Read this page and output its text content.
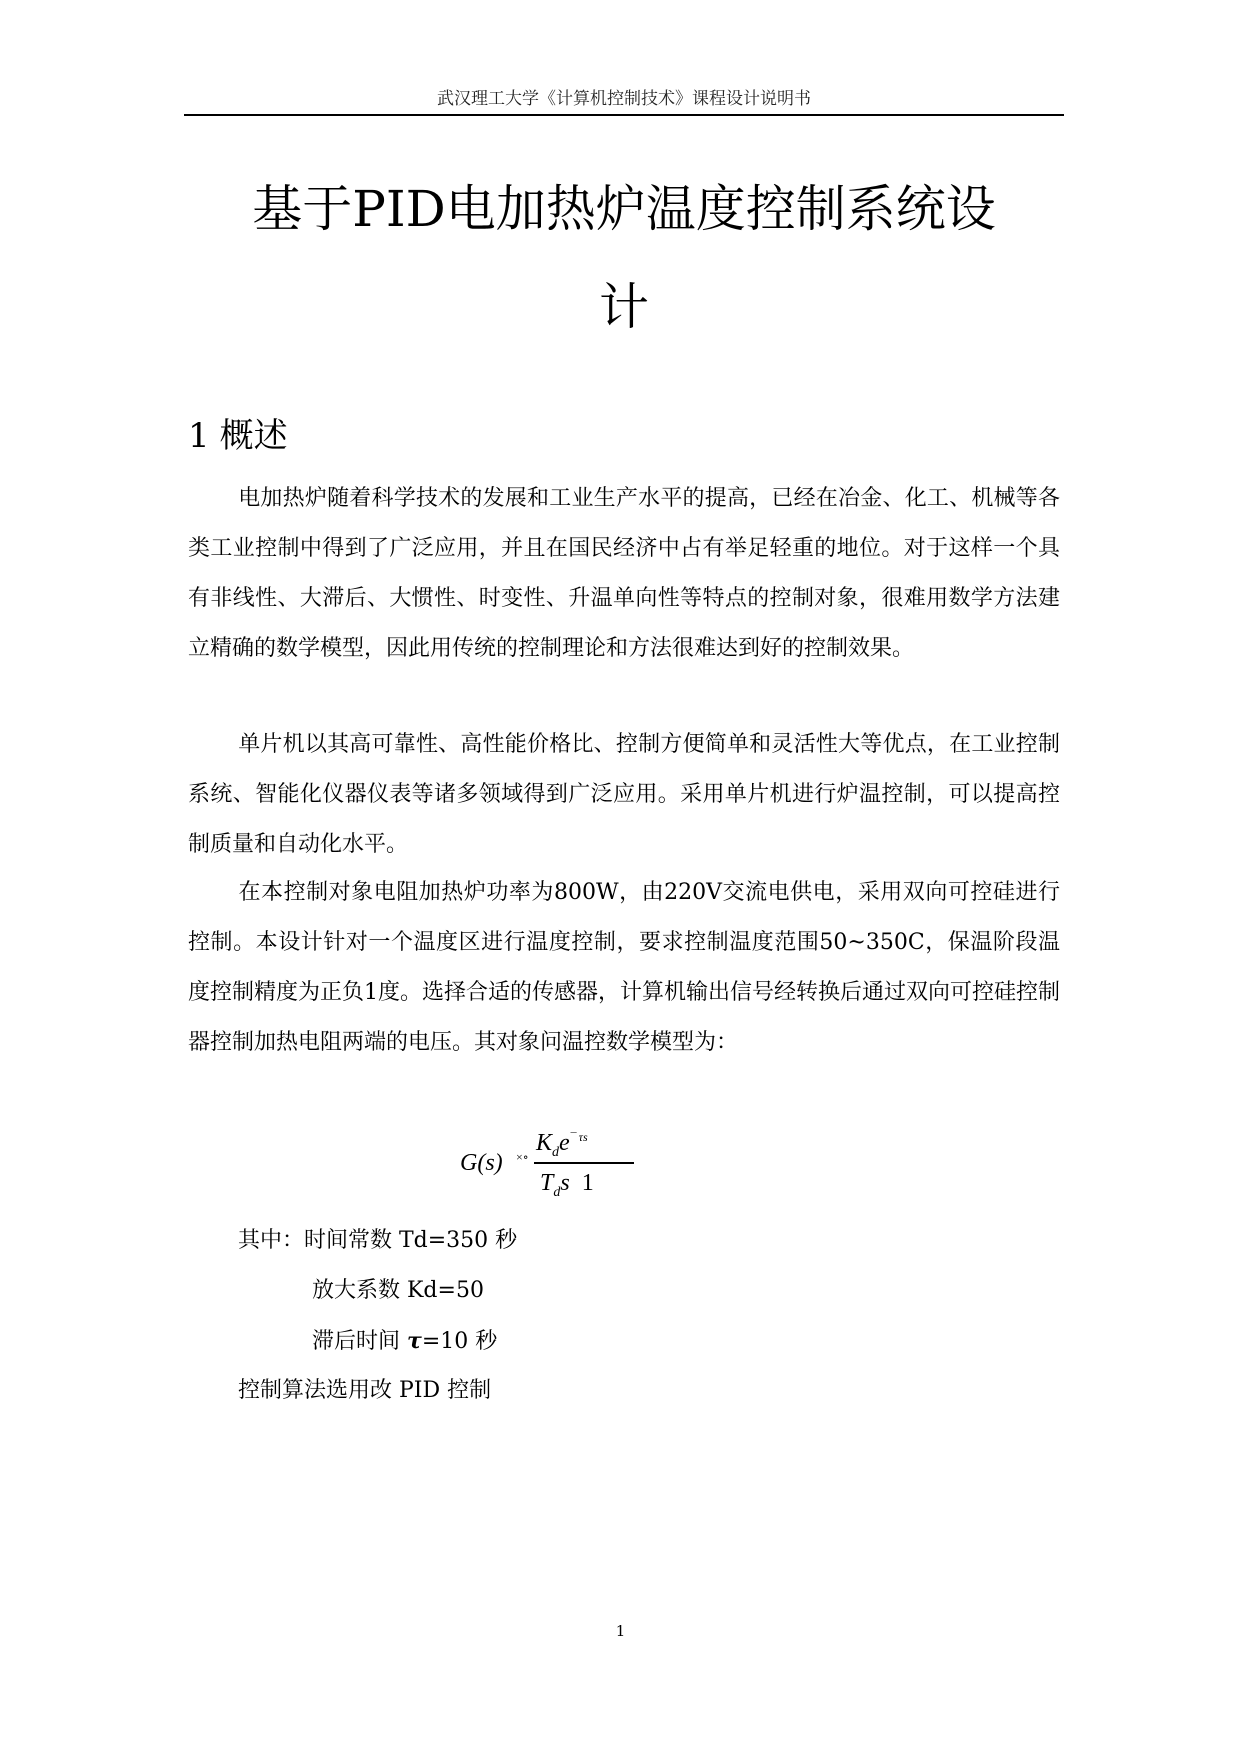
武汉理工大学《计算机控制技术》课程设计说明书
基于PID电加热炉温度控制系统设
计
1 概述

电加热炉随着科学技术的发展和工业生产水平的提高，已经在冶金、化工、机械等各类工业控制中得到了广泛应用，并且在国民经济中占有举足轻重的地位。对于这样一个具有非线性、大滞后、大惯性、时变性、升温单向性等特点的控制对象，很难用数学方法建立精确的数学模型，因此用传统的控制理论和方法很难达到好的控制效果。

单片机以其高可靠性、高性能价格比、控制方便简单和灵活性大等优点，在工业控制系统、智能化仪器仪表等诸多领域得到广泛应用。采用单片机进行炉温控制，可以提高控制质量和自动化水平。

在本控制对象电阻加热炉功率为800W，由220V交流电供电，采用双向可控硅进行控制。本设计针对一个温度区进行温度控制，要求控制温度范围50~350C，保温阶段温度控制精度为正负1度。选择合适的传感器，计算机输出信号经转换后通过双向可控硅控制器控制加热电阻两端的电压。其对象问温控数学模型为：

G(s) ×∘
$K_de^{¯ \tau s}$
$T_ds$ 1

其中：时间常数 Td=350 秒

放大系数 Kd=50

滞后时间 τ=10 秒

控制算法选用改 PID 控制

1
